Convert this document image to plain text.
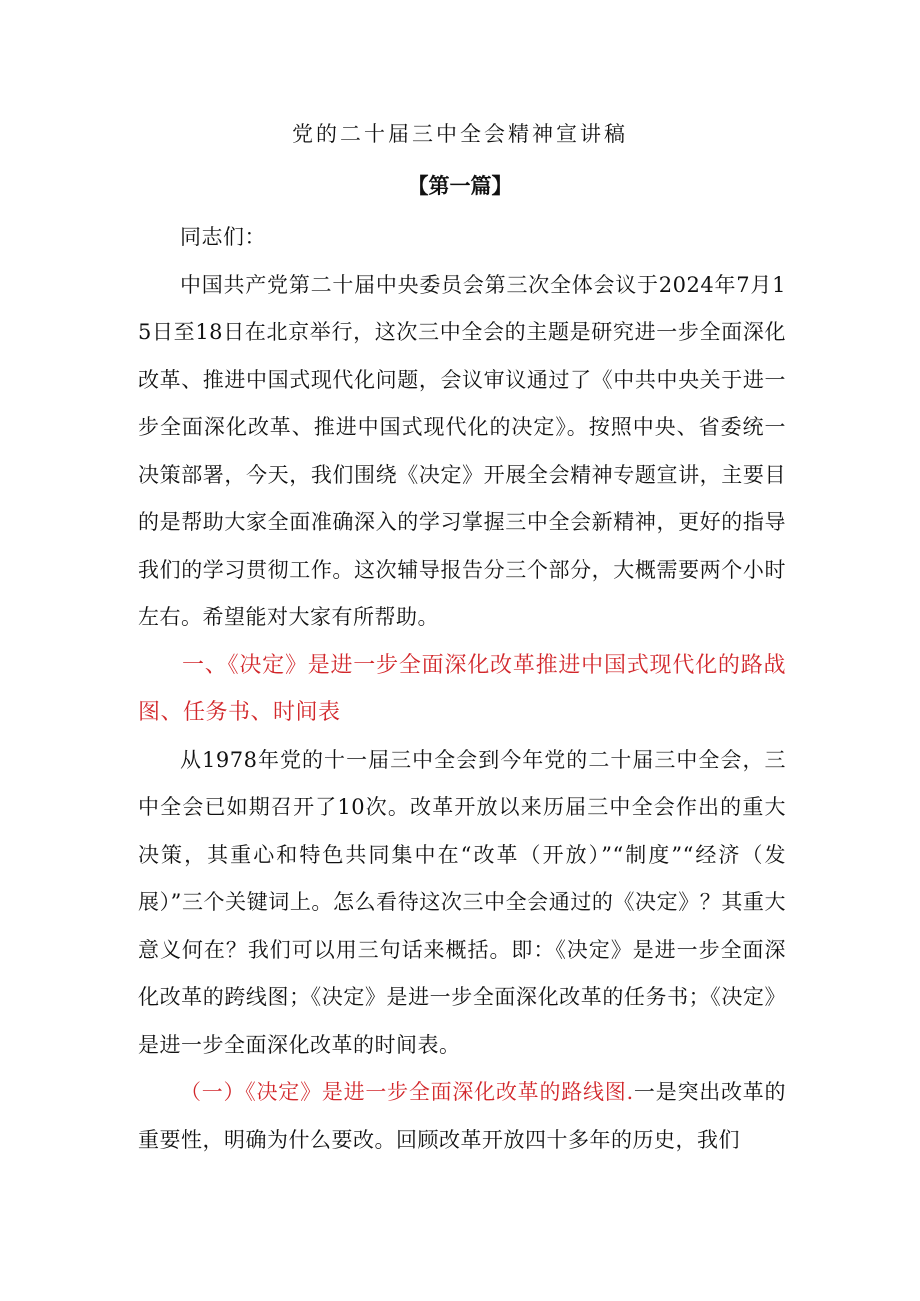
党的二十届三中全会精神宣讲稿
【第一篇】

同志们：

中国共产党第二十届中央委员会第三次全体会议于2024年7月15日至18日在北京举行，这次三中全会的主题是研究进一步全面深化改革、推进中国式现代化问题，会议审议通过了《中共中央关于进一步全面深化改革、推进中国式现代化的决定》。按照中央、省委统一决策部署，今天，我们围绕《决定》开展全会精神专题宣讲，主要目的是帮助大家全面准确深入的学习掌握三中全会新精神，更好的指导我们的学习贯彻工作。这次辅导报告分三个部分，大概需要两个小时左右。希望能对大家有所帮助。

一、《决定》是进一步全面深化改革推进中国式现代化的路战图、任务书、时间表

从1978年党的十一届三中全会到今年党的二十届三中全会，三中全会已如期召开了10次。改革开放以来历届三中全会作出的重大决策，其重心和特色共同集中在“改革（开放）”“制度”“经济（发展）”三个关键词上。怎么看待这次三中全会通过的《决定》？其重大意义何在？我们可以用三句话来概括。即：《决定》是进一步全面深化改革的跨线图；《决定》是进一步全面深化改革的任务书；《决定》是进一步全面深化改革的时间表。

（一）《决定》是进一步全面深化改革的路线图.一是突出改革的重要性，明确为什么要改。回顾改革开放四十多年的历史，我们
